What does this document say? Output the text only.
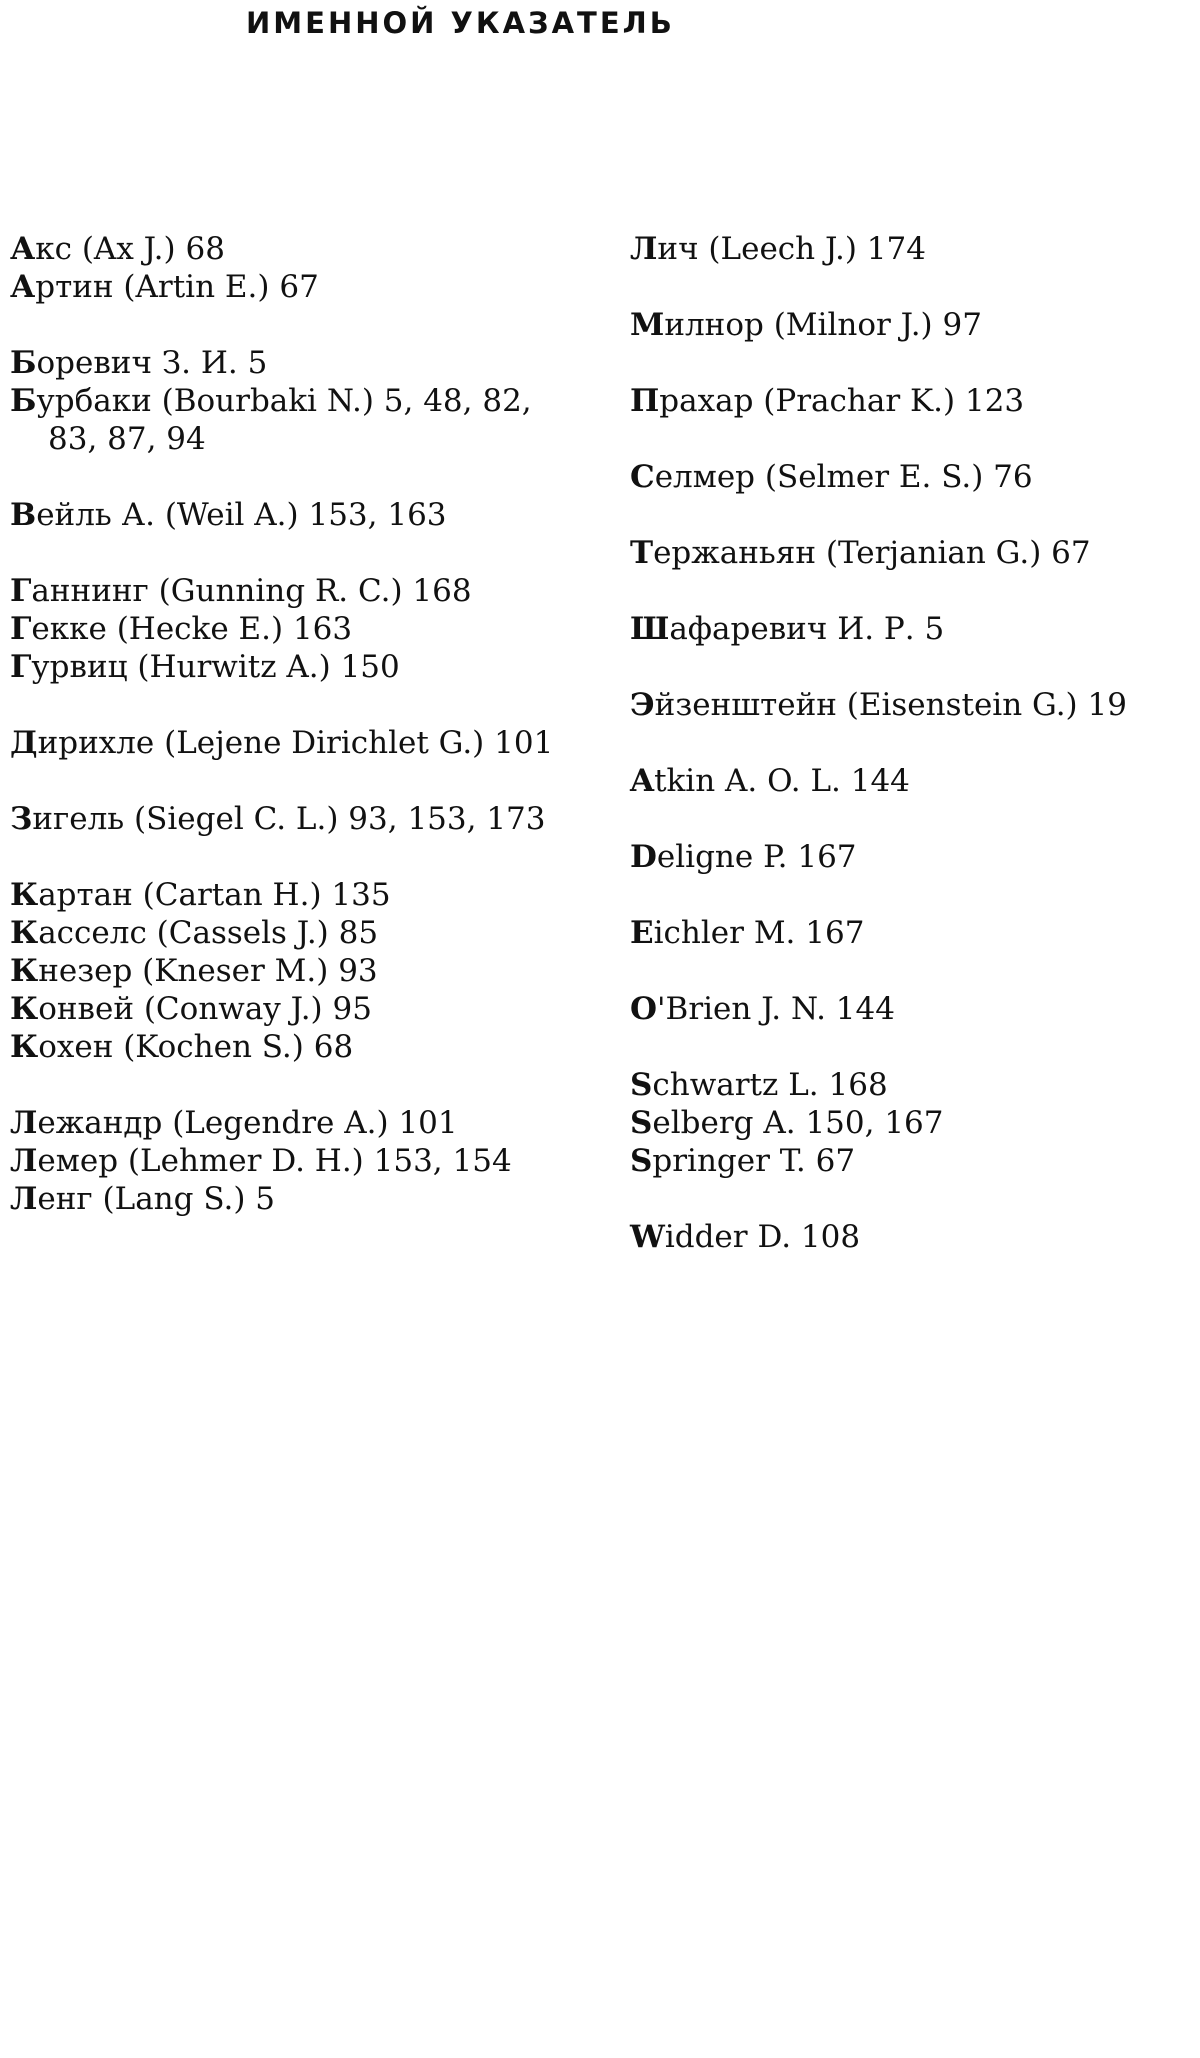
ИМЕННОЙ УКАЗАТЕЛЬ
Акс (Ax J.) 68
Артин (Artin E.) 67
Боревич З. И. 5
Бурбаки (Bourbaki N.) 5, 48, 82, 83, 87, 94
Вейль А. (Weil A.) 153, 163
Ганнинг (Gunning R. C.) 168
Гекке (Hecke E.) 163
Гурвиц (Hurwitz A.) 150
Дирихле (Lejene Dirichlet G.) 101
Зигель (Siegel C. L.) 93, 153, 173
Картан (Cartan H.) 135
Касселс (Cassels J.) 85
Кнезер (Kneser M.) 93
Конвей (Conway J.) 95
Кохен (Kochen S.) 68
Лежандр (Legendre A.) 101
Лемер (Lehmer D. H.) 153, 154
Ленг (Lang S.) 5
Лич (Leech J.) 174
Милнор (Milnor J.) 97
Прахар (Prachar K.) 123
Селмер (Selmer E. S.) 76
Тержаньян (Terjanian G.) 67
Шафаревич И. Р. 5
Эйзенштейн (Eisenstein G.) 19
Atkin A. O. L. 144
Deligne P. 167
Eichler M. 167
O'Brien J. N. 144
Schwartz L. 168
Selberg A. 150, 167
Springer T. 67
Widder D. 108
